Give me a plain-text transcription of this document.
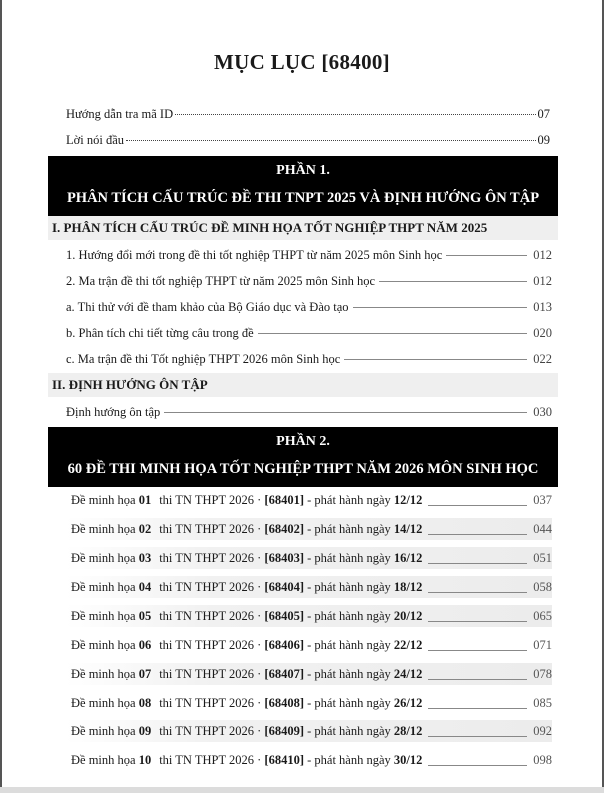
MỤC LỤC [68400]
Hướng dẫn tra mã ID	07
Lời nói đầu	09
PHẦN 1.
PHÂN TÍCH CẤU TRÚC ĐỀ THI TNPT 2025 VÀ ĐỊNH HƯỚNG ÔN TẬP
I. PHÂN TÍCH CẤU TRÚC ĐỀ MINH HỌA TỐT NGHIỆP THPT NĂM 2025
1. Hướng đổi mới trong đề thi tốt nghiệp THPT từ năm 2025 môn Sinh học	012
2. Ma trận đề thi tốt nghiệp THPT từ năm 2025 môn Sinh học	012
a. Thi thử với đề tham khảo của Bộ Giáo dục và Đào tạo	013
b. Phân tích chi tiết từng câu trong đề	020
c. Ma trận đề thi Tốt nghiệp THPT 2026 môn Sinh học	022
II. ĐỊNH HƯỚNG ÔN TẬP
Định hướng ôn tập	030
PHẦN 2.
60 ĐỀ THI MINH HỌA TỐT NGHIỆP THPT NĂM 2026 MÔN SINH HỌC
Đề minh họa 01 thi TN THPT 2026 · [68401] - phát hành ngày 12/12	037
Đề minh họa 02 thi TN THPT 2026 · [68402] - phát hành ngày 14/12	044
Đề minh họa 03 thi TN THPT 2026 · [68403] - phát hành ngày 16/12	051
Đề minh họa 04 thi TN THPT 2026 · [68404] - phát hành ngày 18/12	058
Đề minh họa 05 thi TN THPT 2026 · [68405] - phát hành ngày 20/12	065
Đề minh họa 06 thi TN THPT 2026 · [68406] - phát hành ngày 22/12	071
Đề minh họa 07 thi TN THPT 2026 · [68407] - phát hành ngày 24/12	078
Đề minh họa 08 thi TN THPT 2026 · [68408] - phát hành ngày 26/12	085
Đề minh họa 09 thi TN THPT 2026 · [68409] - phát hành ngày 28/12	092
Đề minh họa 10 thi TN THPT 2026 · [68410] - phát hành ngày 30/12	098
